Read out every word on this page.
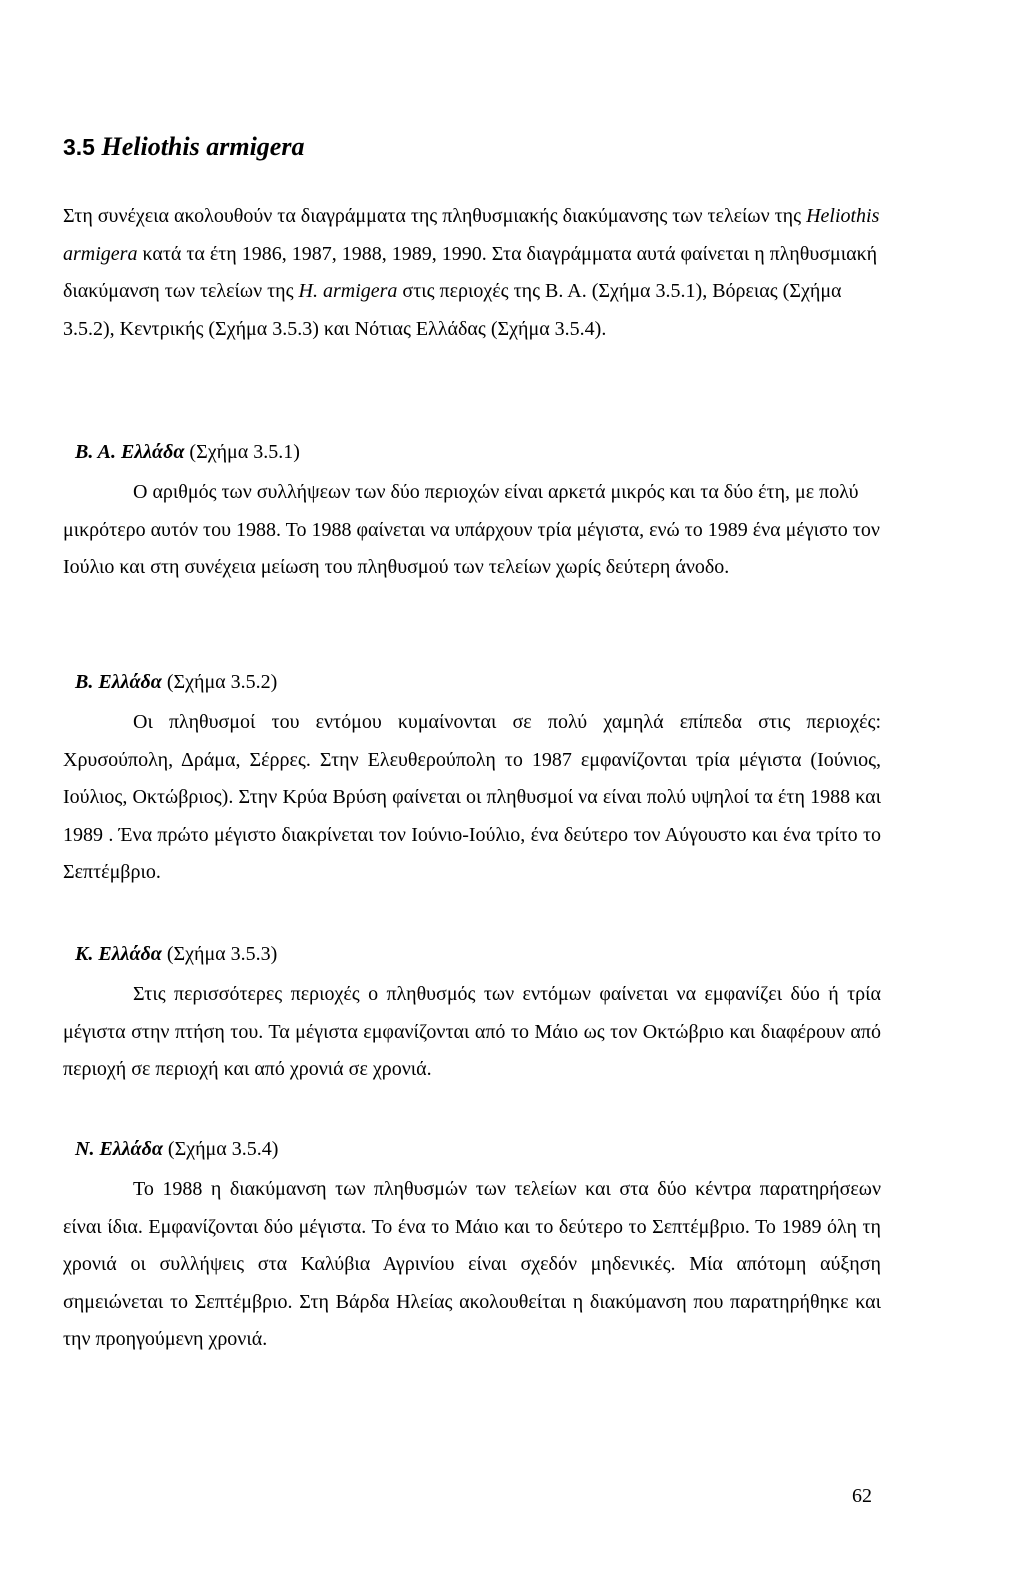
3.5 Heliothis armigera
Στη συνέχεια ακολουθούν τα διαγράμματα της πληθυσμιακής διακύμανσης των τελείων της Heliothis armigera κατά τα έτη 1986, 1987, 1988, 1989, 1990. Στα διαγράμματα αυτά φαίνεται η πληθυσμιακή διακύμανση των τελείων της H. armigera στις περιοχές της Β. Α. (Σχήμα 3.5.1), Βόρειας (Σχήμα 3.5.2), Κεντρικής (Σχήμα 3.5.3) και Νότιας Ελλάδας (Σχήμα 3.5.4).
Β. Α. Ελλάδα (Σχήμα 3.5.1)
Ο αριθμός των συλλήψεων των δύο περιοχών είναι αρκετά μικρός και τα δύο έτη, με πολύ μικρότερο αυτόν του 1988. Το 1988 φαίνεται να υπάρχουν τρία μέγιστα, ενώ το 1989 ένα μέγιστο τον Ιούλιο και στη συνέχεια μείωση του πληθυσμού των τελείων χωρίς δεύτερη άνοδο.
Β. Ελλάδα (Σχήμα 3.5.2)
Οι πληθυσμοί του εντόμου κυμαίνονται σε πολύ χαμηλά επίπεδα στις περιοχές: Χρυσούπολη, Δράμα, Σέρρες. Στην Ελευθερούπολη το 1987 εμφανίζονται τρία μέγιστα (Ιούνιος, Ιούλιος, Οκτώβριος). Στην Κρύα Βρύση φαίνεται οι πληθυσμοί να είναι πολύ υψηλοί τα έτη 1988 και 1989 . Ένα πρώτο μέγιστο διακρίνεται τον Ιούνιο-Ιούλιο, ένα δεύτερο τον Αύγουστο και ένα τρίτο το Σεπτέμβριο.
Κ. Ελλάδα (Σχήμα 3.5.3)
Στις περισσότερες περιοχές ο πληθυσμός των εντόμων φαίνεται να εμφανίζει δύο ή τρία μέγιστα στην πτήση του. Τα μέγιστα εμφανίζονται από το Μάιο ως τον Οκτώβριο και διαφέρουν από περιοχή σε περιοχή και από χρονιά σε χρονιά.
Ν. Ελλάδα (Σχήμα 3.5.4)
Το 1988 η διακύμανση των πληθυσμών των τελείων και στα δύο κέντρα παρατηρήσεων είναι ίδια. Εμφανίζονται δύο μέγιστα. Το ένα το Μάιο και το δεύτερο το Σεπτέμβριο. Το 1989 όλη τη χρονιά οι συλλήψεις στα Καλύβια Αγρινίου είναι σχεδόν μηδενικές. Μία απότομη αύξηση σημειώνεται το Σεπτέμβριο. Στη Βάρδα Ηλείας ακολουθείται η διακύμανση που παρατηρήθηκε και την προηγούμενη χρονιά.
62
